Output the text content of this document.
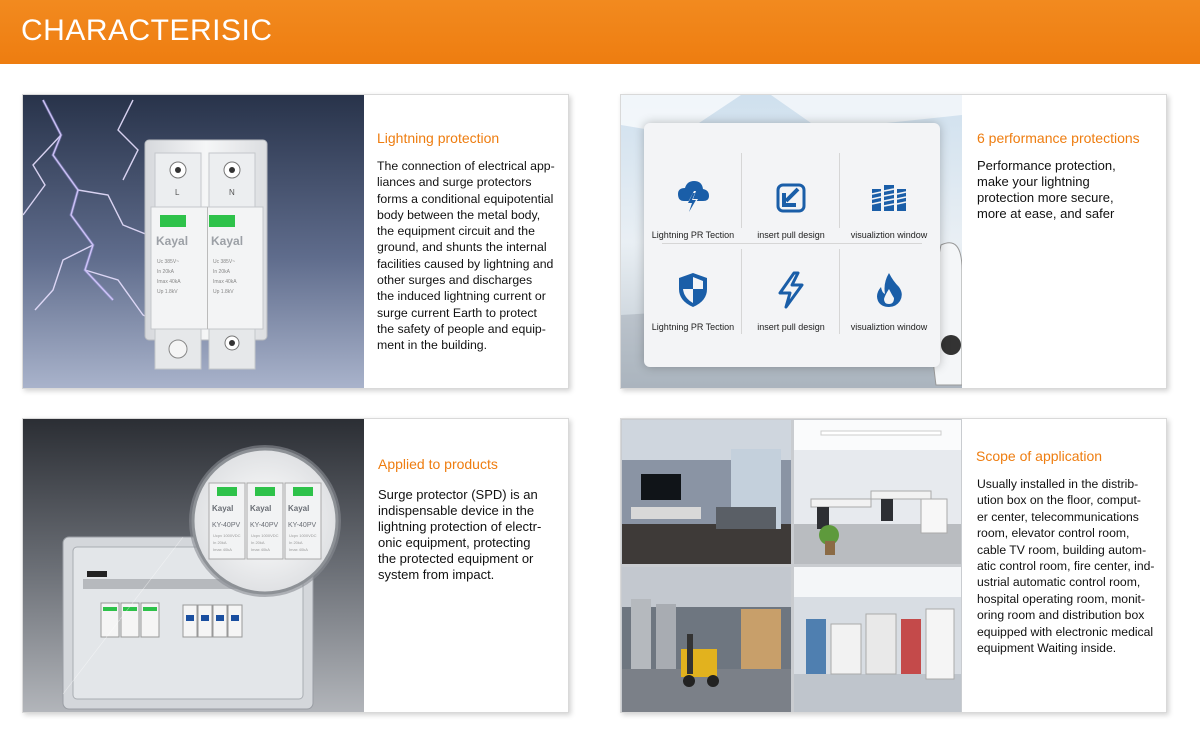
CHARACTERISIC
L	N
Kayal Kayal
Uc 385V~
In 20kA
Imax 40kA
Up 1.8kV
Uc 385V~
In 20kA
Imax 40kA
Up 1.8kV
Lightning protection
The connection of electrical app-
liances and surge protectors
forms a conditional equipotential
body between the metal body,
the equipment circuit and the
ground, and shunts the internal
facilities caused by lightning and
other surges and discharges
the induced lightning current or
surge current Earth to protect
the safety of people and equip-
ment in the building.
Lightning PR Tection	insert pull design	visualiztion window
Lightning PR Tection	insert pull design	visualiztion window
6 performance protections
Performance protection,
make your lightning
protection more secure,
more at ease, and safer
Kayal Kayal Kayal
KY-40PV KY-40PV KY-40PV
Ucpv 1000VDC
In 20kA
Imax 40kA
Ucpv 1000VDC
In 20kA
Imax 40kA
Ucpv 1000VDC
In 20kA
Imax 40kA
Applied to products
Surge protector (SPD) is an
indispensable device in the
lightning protection of electr-
onic equipment, protecting
the protected equipment or
system from impact.
Scope of application
Usually installed in the distrib-
ution box on the floor, comput-
er center, telecommunications
room, elevator control room,
cable TV room, building autom-
atic control room, fire center, ind-
ustrial automatic control room,
hospital operating room, monit-
oring room and distribution box
equipped with electronic medical
equipment Waiting inside.
